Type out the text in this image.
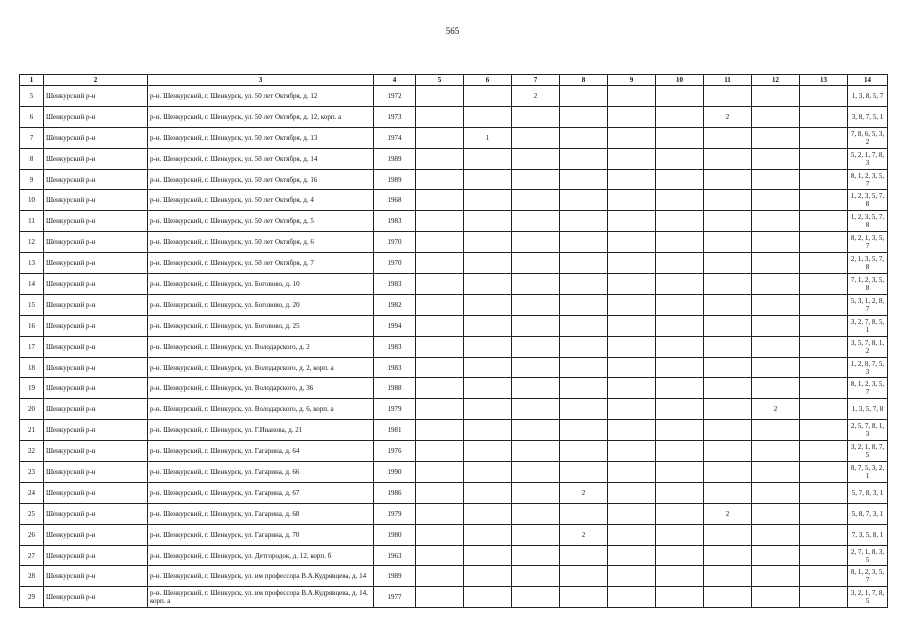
565
1	2	3	4	5	6	7	8	9	10	11	12	13	14
5	Шенкурский р-н	р-н. Шенкурский, г. Шенкурск, ул. 50 лет Октября, д. 12	1972			2							1, 3, 8, 5, 7
6	Шенкурский р-н	р-н. Шенкурский, г. Шенкурск, ул. 50 лет Октября, д. 12, корп. а	1973							2			3, 8, 7, 5, 1
7	Шенкурский р-н	р-н. Шенкурский, г. Шенкурск, ул. 50 лет Октября, д. 13	1974		1								7, 8, 6, 5, 3, 2
8	Шенкурский р-н	р-н. Шенкурский, г. Шенкурск, ул. 50 лет Октября, д. 14	1989										5, 2, 1, 7, 8, 3
9	Шенкурский р-н	р-н. Шенкурский, г. Шенкурск, ул. 50 лет Октября, д. 16	1989										8, 1, 2, 3, 5, 7
10	Шенкурский р-н	р-н. Шенкурский, г. Шенкурск, ул. 50 лет Октября, д. 4	1968										1, 2, 3, 5, 7, 8
11	Шенкурский р-н	р-н. Шенкурский, г. Шенкурск, ул. 50 лет Октября, д. 5	1983										1, 2, 3, 5, 7, 8
12	Шенкурский р-н	р-н. Шенкурский, г. Шенкурск, ул. 50 лет Октября, д. 6	1970										8, 2, 1, 3, 5, 7
13	Шенкурский р-н	р-н. Шенкурский, г. Шенкурск, ул. 50 лет Октября, д. 7	1970										2, 1, 3, 5, 7, 8
14	Шенкурский р-н	р-н. Шенкурский, г. Шенкурск, ул. Боговово, д. 10	1983										7, 1, 2, 3, 5, 8
15	Шенкурский р-н	р-н. Шенкурский, г. Шенкурск, ул. Боговово, д. 20	1982										5, 3, 1, 2, 8, 7
16	Шенкурский р-н	р-н. Шенкурский, г. Шенкурск, ул. Боговово, д. 25	1994										3, 2, 7, 8, 5, 1
17	Шенкурский р-н	р-н. Шенкурский, г. Шенкурск, ул. Володарского, д. 2	1983										3, 5, 7, 8, 1, 2
18	Шенкурский р-н	р-н. Шенкурский, г. Шенкурск, ул. Володарского, д. 2, корп. а	1983										1, 2, 8, 7, 5, 3
19	Шенкурский р-н	р-н. Шенкурский, г. Шенкурск, ул. Володарского, д. 36	1988										8, 1, 2, 3, 5, 7
20	Шенкурский р-н	р-н. Шенкурский, г. Шенкурск, ул. Володарского, д. 6, корп. а	1979								2		1, 3, 5, 7, 8
21	Шенкурский р-н	р-н. Шенкурский, г. Шенкурск, ул. Г.Иванова, д. 21	1981										2, 5, 7, 8, 1, 3
22	Шенкурский р-н	р-н. Шенкурский, г. Шенкурск, ул. Гагарина, д. 64	1976										3, 2, 1, 8, 7, 5
23	Шенкурский р-н	р-н. Шенкурский, г. Шенкурск, ул. Гагарина, д. 66	1990										8, 7, 5, 3, 2, 1
24	Шенкурский р-н	р-н. Шенкурский, г. Шенкурск, ул. Гагарина, д. 67	1986				2						5, 7, 8, 3, 1
25	Шенкурский р-н	р-н. Шенкурский, г. Шенкурск, ул. Гагарина, д. 68	1979							2			5, 8, 7, 3, 1
26	Шенкурский р-н	р-н. Шенкурский, г. Шенкурск, ул. Гагарина, д. 70	1980				2						7, 3, 5, 8, 1
27	Шенкурский р-н	р-н. Шенкурский, г. Шенкурск, ул. Детгородок, д. 12, корп. б	1963										2, 7, 1, 8, 3, 5
28	Шенкурский р-н	р-н. Шенкурский, г. Шенкурск, ул. им профессора В.А.Кудрявцева, д. 14	1989										8, 1, 2, 3, 5, 7
29	Шенкурский р-н	р-н. Шенкурский, г. Шенкурск, ул. им профессора В.А.Кудрявцева, д. 14, корп. а	1977										3, 2, 1, 7, 8, 5
